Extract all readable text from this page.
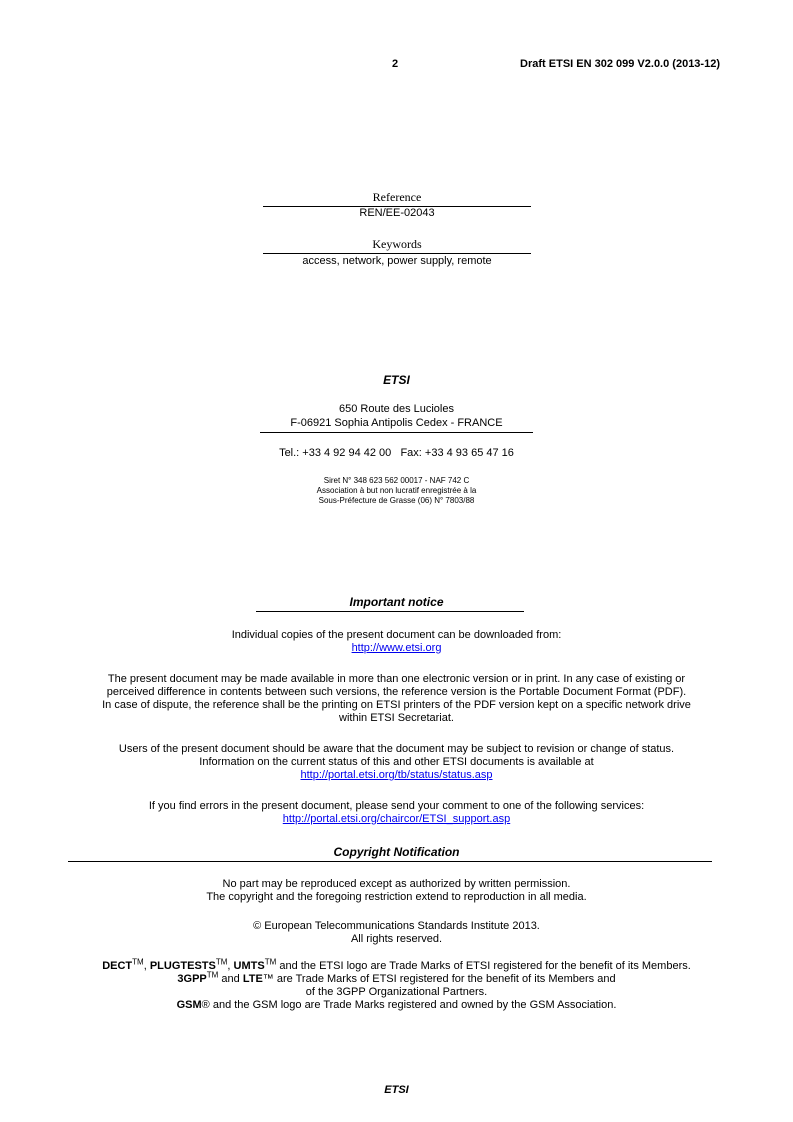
2	Draft ETSI EN 302 099 V2.0.0 (2013-12)
Reference
REN/EE-02043
Keywords
access, network, power supply, remote
ETSI
650 Route des Lucioles
F-06921 Sophia Antipolis Cedex - FRANCE
Tel.: +33 4 92 94 42 00   Fax: +33 4 93 65 47 16
Siret N° 348 623 562 00017 - NAF 742 C
Association à but non lucratif enregistrée à la
Sous-Préfecture de Grasse (06) N° 7803/88
Important notice
Individual copies of the present document can be downloaded from:
http://www.etsi.org
The present document may be made available in more than one electronic version or in print. In any case of existing or
perceived difference in contents between such versions, the reference version is the Portable Document Format (PDF).
In case of dispute, the reference shall be the printing on ETSI printers of the PDF version kept on a specific network drive
within ETSI Secretariat.
Users of the present document should be aware that the document may be subject to revision or change of status.
Information on the current status of this and other ETSI documents is available at
http://portal.etsi.org/tb/status/status.asp
If you find errors in the present document, please send your comment to one of the following services:
http://portal.etsi.org/chaircor/ETSI_support.asp
Copyright Notification
No part may be reproduced except as authorized by written permission.
The copyright and the foregoing restriction extend to reproduction in all media.
© European Telecommunications Standards Institute 2013.
All rights reserved.
DECT™, PLUGTESTS™, UMTS™ and the ETSI logo are Trade Marks of ETSI registered for the benefit of its Members.
3GPP™ and LTE™ are Trade Marks of ETSI registered for the benefit of its Members and
of the 3GPP Organizational Partners.
GSM® and the GSM logo are Trade Marks registered and owned by the GSM Association.
ETSI
